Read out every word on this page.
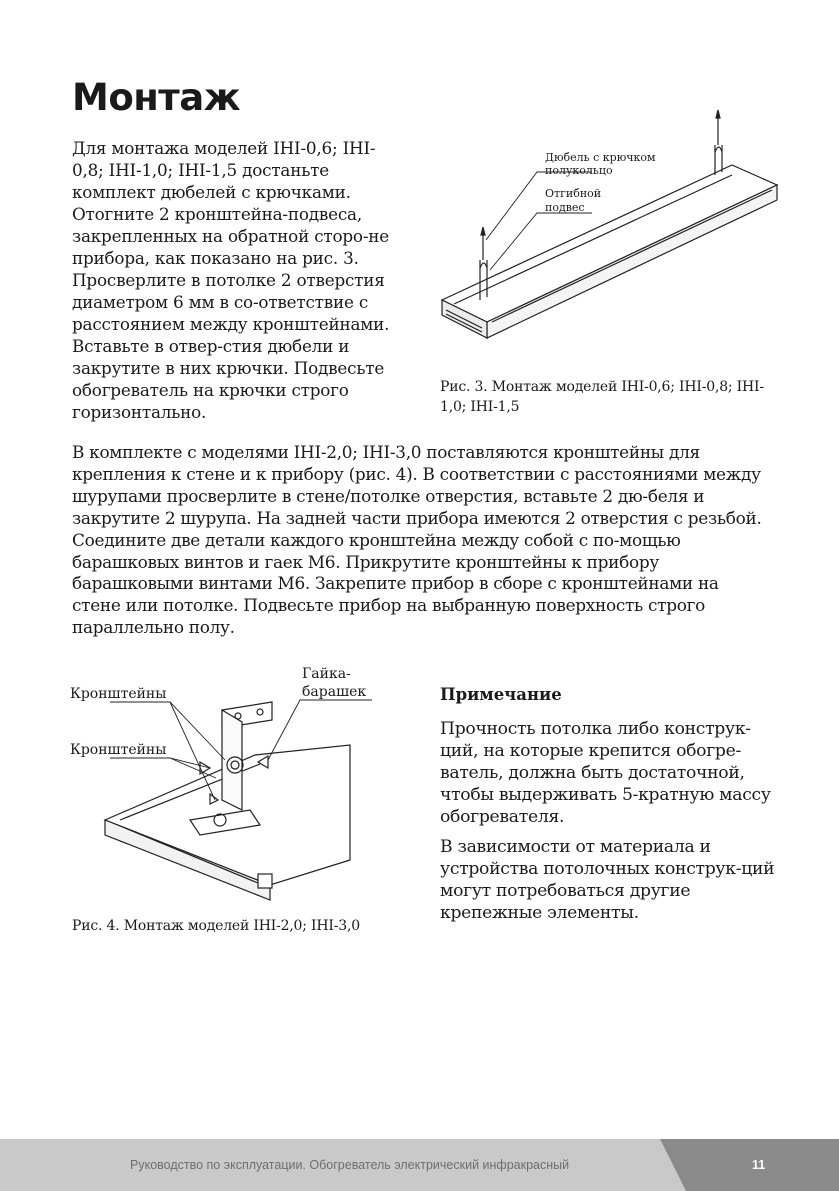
Монтаж

Для монтажа моделей IHI-0,6; IHI-0,8; IHI-1,0; IHI-1,5 достаньте комплект дюбелей с крючками. Отогните 2 кронштейна-подвеса, закрепленных на обратной сторо-не прибора, как показано на рис. 3. Просверлите в потолке 2 отверстия диаметром 6 мм в со-ответствие с расстоянием между кронштейнами. Вставьте в отвер-стия дюбели и закрутите в них крючки. Подвесьте обогреватель на крючки строго горизонтально.

Дюбель с крючком
полукольцо
Отгибной
подвес

Рис. 3. Монтаж моделей IHI-0,6; IHI-0,8; IHI-1,0; IHI-1,5

В комплекте с моделями IHI-2,0; IHI-3,0 поставляются кронштейны для крепления к стене и к прибору (рис. 4). В соответствии с расстояниями между шурупами просверлите в стене/потолке отверстия, вставьте 2 дю-беля и закрутите 2 шурупа. На задней части прибора имеются 2 отверстия с резьбой. Соедините две детали каждого кронштейна между собой с по-мощью барашковых винтов и гаек М6. Прикрутите кронштейны к прибору барашковыми винтами М6. Закрепите прибор в сборе с кронштейнами на стене или потолке. Подвесьте прибор на выбранную поверхность строго параллельно полу.

Гайка-
барашек
Кронштейны
Кронштейны

Рис. 4. Монтаж моделей IHI-2,0; IHI-3,0

Примечание

Прочность потолка либо конструк-ций, на которые крепится обогре-ватель, должна быть достаточной, чтобы выдерживать 5-кратную массу обогревателя.

В зависимости от материала и устройства потолочных конструк-ций могут потребоваться другие крепежные элементы.

Руководство по эксплуатации. Обогреватель электрический инфракрасный	11
